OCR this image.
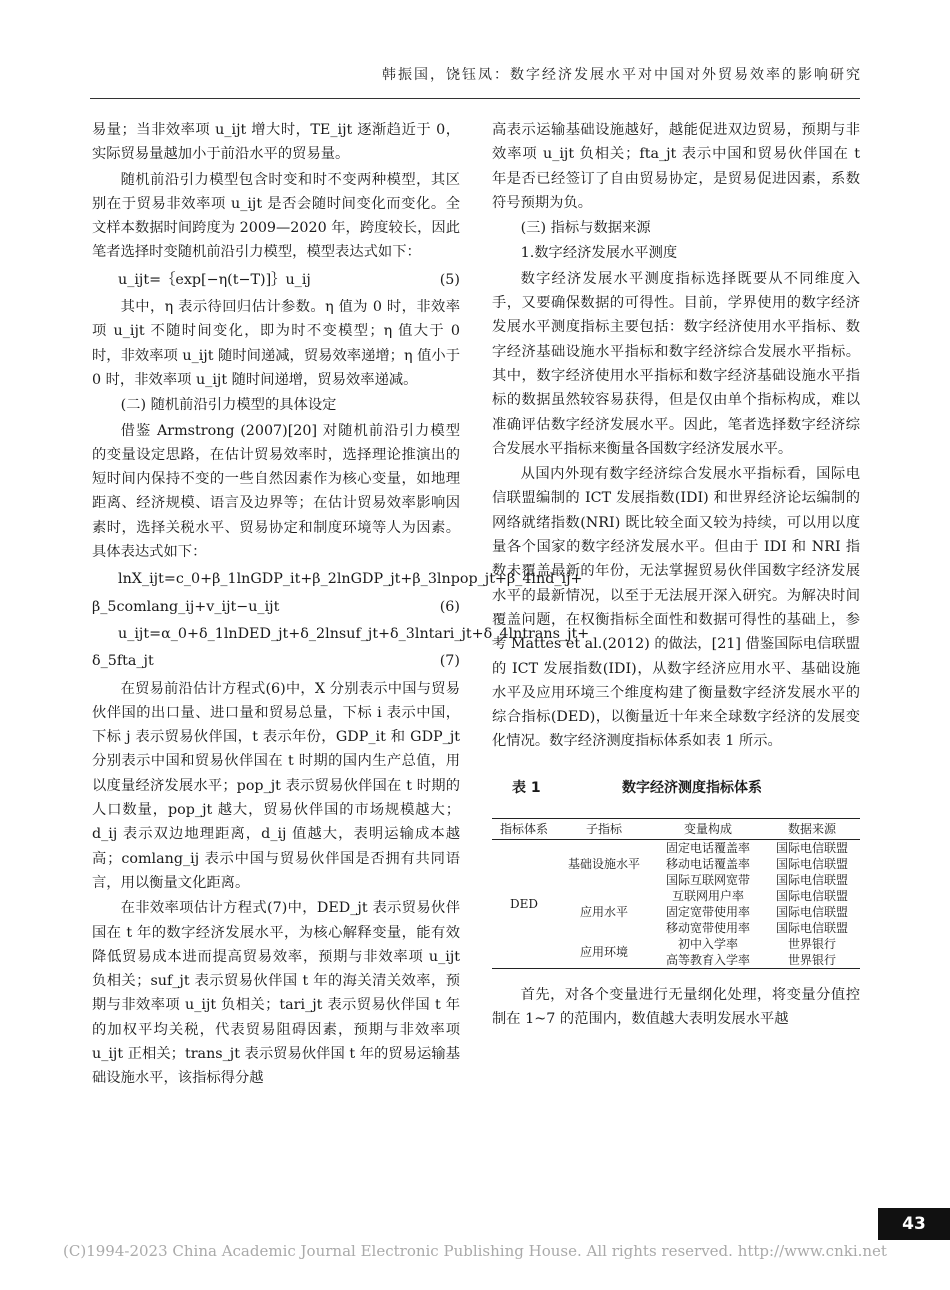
韩振国，饶钰凤：数字经济发展水平对中国对外贸易效率的影响研究

易量；当非效率项 u_ijt 增大时，TE_ijt 逐渐趋近于 0，实际贸易量越加小于前沿水平的贸易量。

随机前沿引力模型包含时变和时不变两种模型，其区别在于贸易非效率项 u_ijt 是否会随时间变化而变化。全文样本数据时间跨度为 2009—2020 年，跨度较长，因此笔者选择时变随机前沿引力模型，模型表达式如下：

u_ijt=｛exp[−η(t−T)]｝u_ij	(5)

其中，η 表示待回归估计参数。η 值为 0 时，非效率项 u_ijt 不随时间变化，即为时不变模型；η 值大于 0 时，非效率项 u_ijt 随时间递减，贸易效率递增；η 值小于 0 时，非效率项 u_ijt 随时间递增，贸易效率递减。

(二) 随机前沿引力模型的具体设定

借鉴 Armstrong (2007)[20] 对随机前沿引力模型的变量设定思路，在估计贸易效率时，选择理论推演出的短时间内保持不变的一些自然因素作为核心变量，如地理距离、经济规模、语言及边界等；在估计贸易效率影响因素时，选择关税水平、贸易协定和制度环境等人为因素。具体表达式如下：

lnX_ijt=c_0+β_1lnGDP_it+β_2lnGDP_jt+β_3lnpop_jt+β_4lnd_ij+
β_5comlang_ij+v_ijt−u_ijt	(6)
u_ijt=α_0+δ_1lnDED_jt+δ_2lnsuf_jt+δ_3lntari_jt+δ_4lntrans_jt+
δ_5fta_jt	(7)

在贸易前沿估计方程式(6)中，X 分别表示中国与贸易伙伴国的出口量、进口量和贸易总量，下标 i 表示中国，下标 j 表示贸易伙伴国，t 表示年份，GDP_it 和 GDP_jt 分别表示中国和贸易伙伴国在 t 时期的国内生产总值，用以度量经济发展水平；pop_jt 表示贸易伙伴国在 t 时期的人口数量，pop_jt 越大，贸易伙伴国的市场规模越大；d_ij 表示双边地理距离，d_ij 值越大，表明运输成本越高；comlang_ij 表示中国与贸易伙伴国是否拥有共同语言，用以衡量文化距离。

在非效率项估计方程式(7)中，DED_jt 表示贸易伙伴国在 t 年的数字经济发展水平，为核心解释变量，能有效降低贸易成本进而提高贸易效率，预期与非效率项 u_ijt 负相关；suf_jt 表示贸易伙伴国 t 年的海关清关效率，预期与非效率项 u_ijt 负相关；tari_jt 表示贸易伙伴国 t 年的加权平均关税，代表贸易阻碍因素，预期与非效率项 u_ijt 正相关；trans_jt 表示贸易伙伴国 t 年的贸易运输基础设施水平，该指标得分越

高表示运输基础设施越好，越能促进双边贸易，预期与非效率项 u_ijt 负相关；fta_jt 表示中国和贸易伙伴国在 t 年是否已经签订了自由贸易协定，是贸易促进因素，系数符号预期为负。

(三) 指标与数据来源

1.数字经济发展水平测度

数字经济发展水平测度指标选择既要从不同维度入手，又要确保数据的可得性。目前，学界使用的数字经济发展水平测度指标主要包括：数字经济使用水平指标、数字经济基础设施水平指标和数字经济综合发展水平指标。其中，数字经济使用水平指标和数字经济基础设施水平指标的数据虽然较容易获得，但是仅由单个指标构成，难以准确评估数字经济发展水平。因此，笔者选择数字经济综合发展水平指标来衡量各国数字经济发展水平。

从国内外现有数字经济综合发展水平指标看，国际电信联盟编制的 ICT 发展指数(IDI) 和世界经济论坛编制的网络就绪指数(NRI) 既比较全面又较为持续，可以用以度量各个国家的数字经济发展水平。但由于 IDI 和 NRI 指数未覆盖最新的年份，无法掌握贸易伙伴国数字经济发展水平的最新情况，以至于无法展开深入研究。为解决时间覆盖问题，在权衡指标全面性和数据可得性的基础上，参考 Mattes et al.(2012) 的做法，[21] 借鉴国际电信联盟的 ICT 发展指数(IDI)，从数字经济应用水平、基础设施水平及应用环境三个维度构建了衡量数字经济发展水平的综合指标(DED)，以衡量近十年来全球数字经济的发展变化情况。数字经济测度指标体系如表 1 所示。

表 1	数字经济测度指标体系
指标体系	子指标	变量构成	数据来源
DED	基础设施水平	固定电话覆盖率	国际电信联盟
		移动电话覆盖率	国际电信联盟
		国际互联网宽带	国际电信联盟
	应用水平	互联网用户率	国际电信联盟
		固定宽带使用率	国际电信联盟
		移动宽带使用率	国际电信联盟
	应用环境	初中入学率	世界银行
		高等教育入学率	世界银行

首先，对各个变量进行无量纲化处理，将变量分值控制在 1~7 的范围内，数值越大表明发展水平越

43
(C)1994-2023 China Academic Journal Electronic Publishing House. All rights reserved. http://www.cnki.net
